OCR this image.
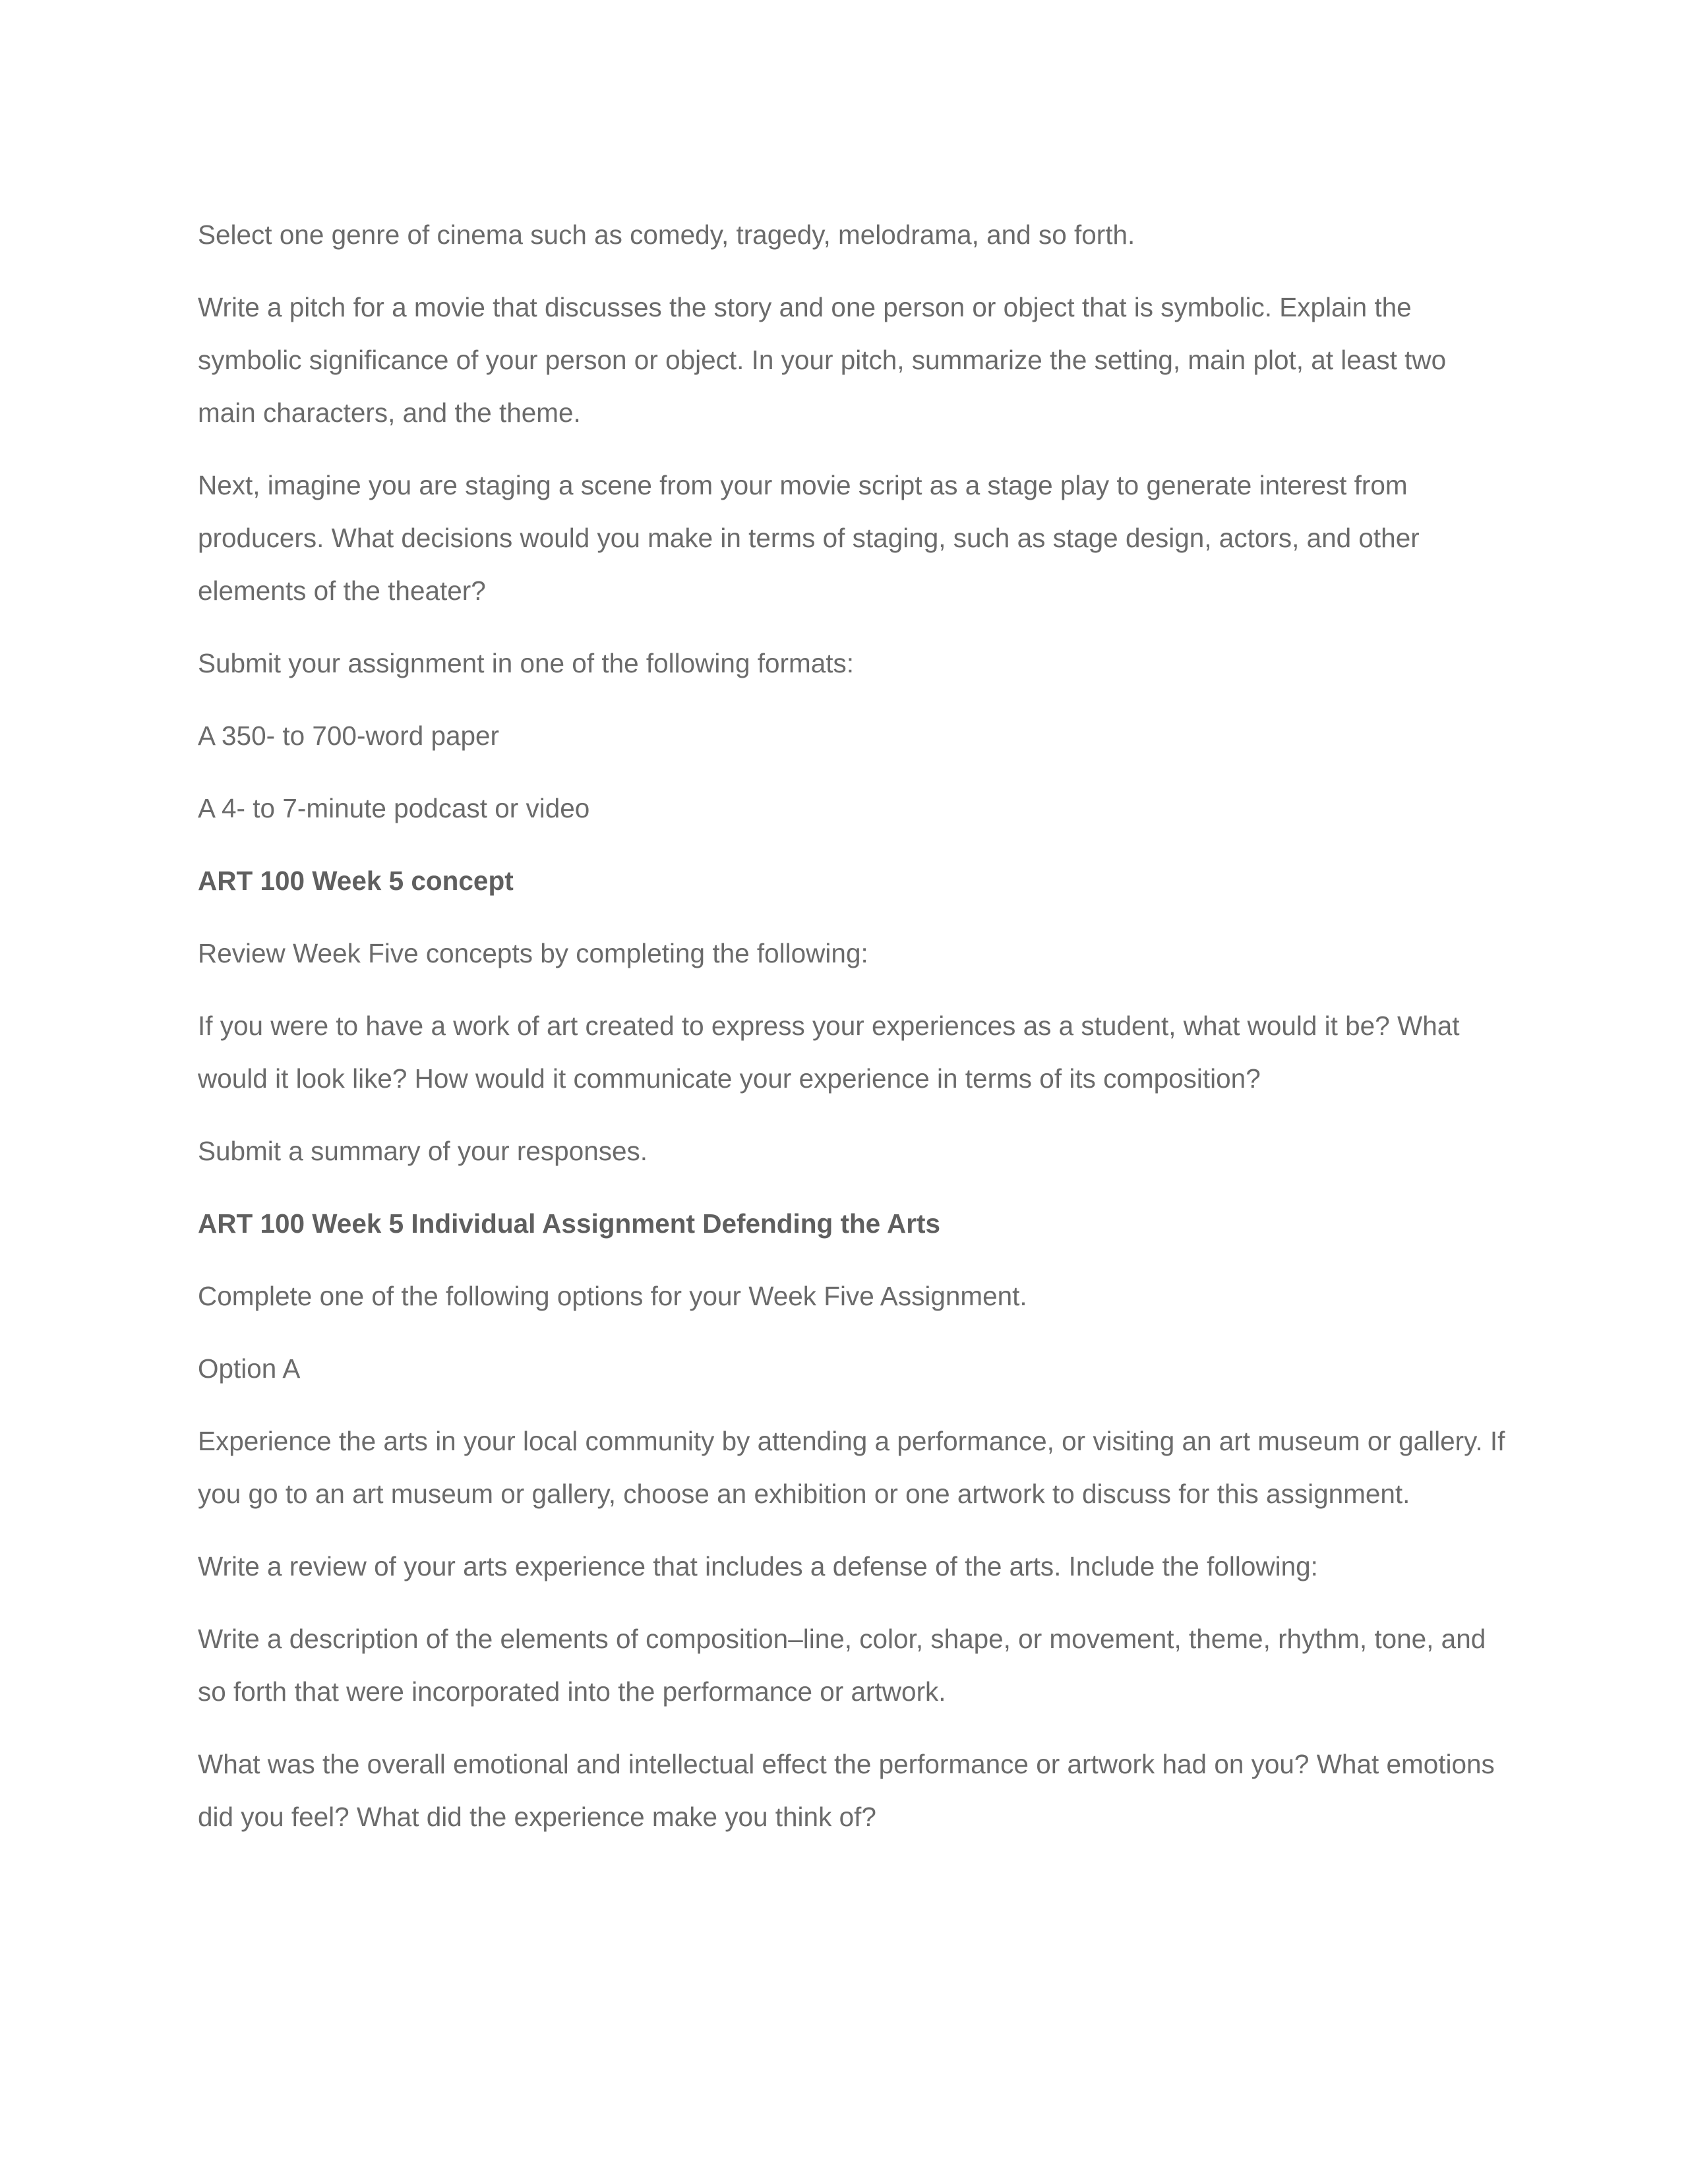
Select one genre of cinema such as comedy, tragedy, melodrama, and so forth.

Write a pitch for a movie that discusses the story and one person or object that is symbolic. Explain the symbolic significance of your person or object. In your pitch, summarize the setting, main plot, at least two main characters, and the theme.

Next, imagine you are staging a scene from your movie script as a stage play to generate interest from producers. What decisions would you make in terms of staging, such as stage design, actors, and other elements of the theater?

Submit your assignment in one of the following formats:

A 350- to 700-word paper

A 4- to 7-minute podcast or video

ART 100 Week 5 concept

Review Week Five concepts by completing the following:

If you were to have a work of art created to express your experiences as a student, what would it be? What would it look like? How would it communicate your experience in terms of its composition?

Submit a summary of your responses.

ART 100 Week 5 Individual Assignment Defending the Arts

Complete one of the following options for your Week Five Assignment.

Option A

Experience the arts in your local community by attending a performance, or visiting an art museum or gallery. If you go to an art museum or gallery, choose an exhibition or one artwork to discuss for this assignment.

Write a review of your arts experience that includes a defense of the arts. Include the following:

Write a description of the elements of composition–line, color, shape, or movement, theme, rhythm, tone, and so forth that were incorporated into the performance or artwork.

What was the overall emotional and intellectual effect the performance or artwork had on you? What emotions did you feel? What did the experience make you think of?
